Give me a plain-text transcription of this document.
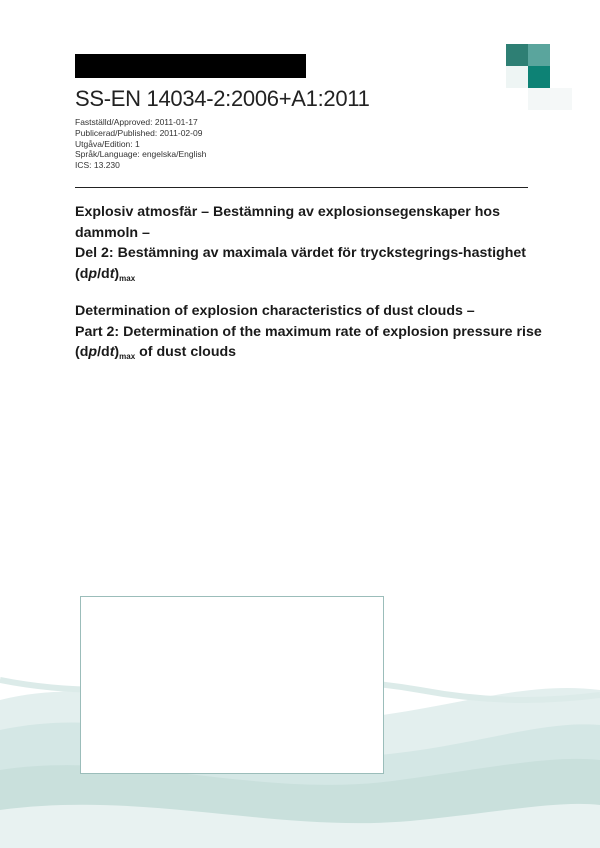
SS-EN 14034-2:2006+A1:2011
Fastställd/Approved: 2011-01-17
Publicerad/Published: 2011-02-09
Utgåva/Edition: 1
Språk/Language: engelska/English
ICS: 13.230
Explosiv atmosfär – Bestämning av explosionsegenskaper hos dammoln –
Del 2: Bestämning av maximala värdet för tryckstegrings-hastighet $(dp/dt)_{max}$
Determination of explosion characteristics of dust clouds –
Part 2: Determination of the maximum rate of explosion pressure rise $(dp/dt)_{max}$ of dust clouds
